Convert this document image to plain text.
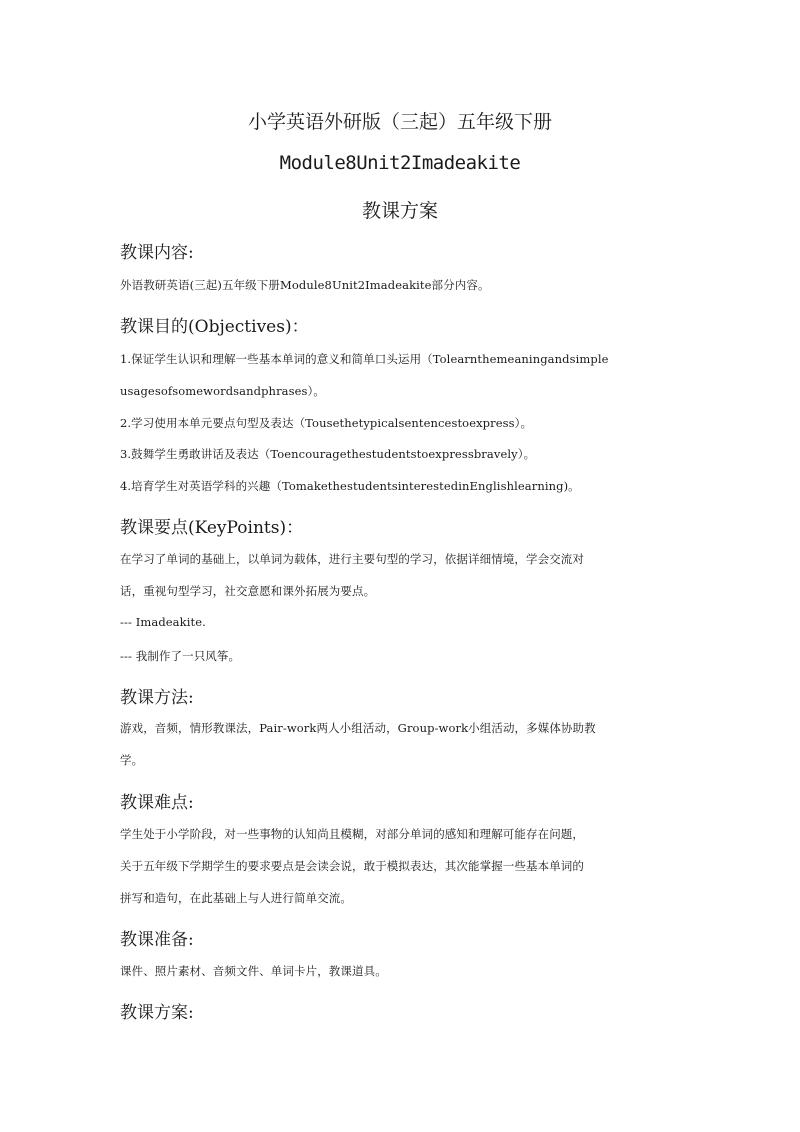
小学英语外研版（三起）五年级下册
Module8Unit2Imadeakite
教课方案
教课内容:
外语教研英语(三起)五年级下册Module8Unit2Imadeakite部分内容。
教课目的(Objectives)：
1.保证学生认识和理解一些基本单词的意义和简单口头运用（Tolearnthemeaningandsimple
usagesofsomewordsandphrases）。
2.学习使用本单元要点句型及表达（Tousethetypicalsentencestoexpress）。
3.鼓舞学生勇敢讲话及表达（Toencouragethestudentstoexpressbravely）。
4.培育学生对英语学科的兴趣（TomakethestudentsinterestedinEnglishlearning)。
教课要点(KeyPoints)：
在学习了单词的基础上，以单词为载体，进行主要句型的学习，依据详细情境，学会交流对
话，重视句型学习，社交意愿和课外拓展为要点。
--- Imadeakite.
--- 我制作了一只风筝。
教课方法:
游戏，音频，情形教课法，Pair-work两人小组活动，Group-work小组活动，多媒体协助教
学。
教课难点:
学生处于小学阶段，对一些事物的认知尚且模糊，对部分单词的感知和理解可能存在问题，
关于五年级下学期学生的要求要点是会读会说，敢于模拟表达，其次能掌握一些基本单词的
拼写和造句，在此基础上与人进行简单交流。
教课准备:
课件、照片素材、音频文件、单词卡片，教课道具。
教课方案:
